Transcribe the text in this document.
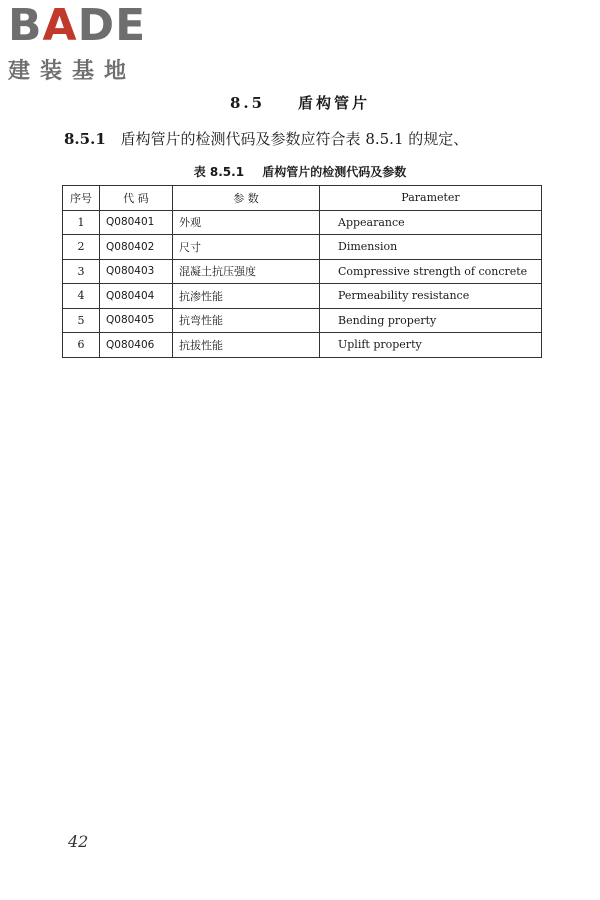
B A D E
建装基地
8.5 盾构管片
8.5.1 盾构管片的检测代码及参数应符合表 8.5.1 的规定、
表 8.5.1 盾构管片的检测代码及参数
序号	代 码	参 数	Parameter
1	Q080401	外观	Appearance
2	Q080402	尺寸	Dimension
3	Q080403	混凝土抗压强度	Compressive strength of concrete
4	Q080404	抗渗性能	Permeability resistance
5	Q080405	抗弯性能	Bending property
6	Q080406	抗拔性能	Uplift property
42
